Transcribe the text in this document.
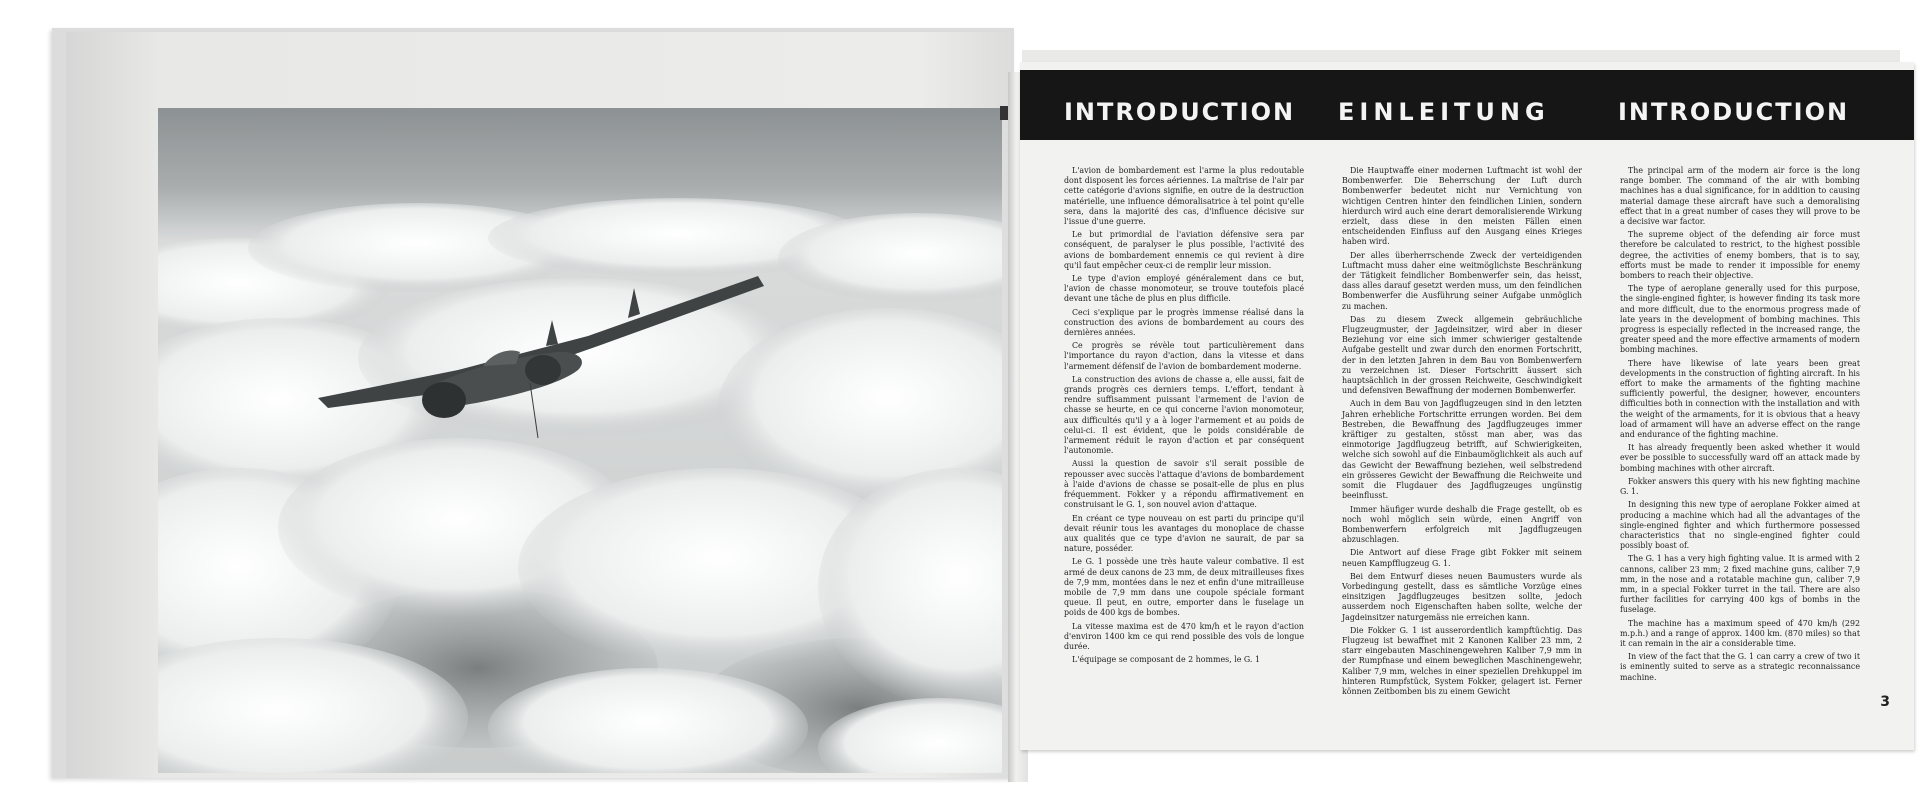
INTRODUCTION EINLEITUNG	INTRODUCTION

L'avion de bombardement est l'arme la plus redoutable dont disposent les forces aériennes. La maîtrise de l'air par cette catégorie d'avions signifie, en outre de la destruction matérielle, une influence démoralisatrice à tel point qu'elle sera, dans la majorité des cas, d'influence décisive sur l'issue d'une guerre.

Le but primordial de l'aviation défensive sera par conséquent, de paralyser le plus possible, l'activité des avions de bombardement ennemis ce qui revient à dire qu'il faut empêcher ceux-ci de remplir leur mission.

Le type d'avion employé généralement dans ce but, l'avion de chasse monomoteur, se trouve toutefois placé devant une tâche de plus en plus difficile.

Ceci s'explique par le progrès immense réalisé dans la construction des avions de bombardement au cours des dernières années.

Ce progrès se révèle tout particulièrement dans l'importance du rayon d'action, dans la vitesse et dans l'armement défensif de l'avion de bombardement moderne.

La construction des avions de chasse a, elle aussi, fait de grands progrès ces derniers temps. L'effort, tendant à rendre suffisamment puissant l'armement de l'avion de chasse se heurte, en ce qui concerne l'avion monomoteur, aux difficultés qu'il y a à loger l'armement et au poids de celui-ci. Il est évident, que le poids considérable de l'armement réduit le rayon d'action et par conséquent l'autonomie.

Aussi la question de savoir s'il serait possible de repousser avec succès l'attaque d'avions de bombardement à l'aide d'avions de chasse se posait-elle de plus en plus fréquemment. Fokker y a répondu affirmativement en construisant le G. 1, son nouvel avion d'attaque.

En créant ce type nouveau on est parti du principe qu'il devait réunir tous les avantages du monoplace de chasse aux qualités que ce type d'avion ne saurait, de par sa nature, posséder.

Le G. 1 possède une très haute valeur combative. Il est armé de deux canons de 23 mm, de deux mitrailleuses fixes de 7,9 mm, montées dans le nez et enfin d'une mitrailleuse mobile de 7,9 mm dans une coupole spéciale formant queue. Il peut, en outre, emporter dans le fuselage un poids de 400 kgs de bombes.

La vitesse maxima est de 470 km/h et le rayon d'action d'environ 1400 km ce qui rend possible des vols de longue durée.

L'équipage se composant de 2 hommes, le G. 1

Die Hauptwaffe einer modernen Luftmacht ist wohl der Bombenwerfer. Die Beherrschung der Luft durch Bombenwerfer bedeutet nicht nur Vernichtung von wichtigen Centren hinter den feindlichen Linien, sondern hierdurch wird auch eine derart demoralisierende Wirkung erzielt, dass diese in den meisten Fällen einen entscheidenden Einfluss auf den Ausgang eines Krieges haben wird.

Der alles überherrschende Zweck der verteidigenden Luftmacht muss daher eine weitmöglichste Beschränkung der Tätigkeit feindlicher Bombenwerfer sein, das heisst, dass alles darauf gesetzt werden muss, um den feindlichen Bombenwerfer die Ausführung seiner Aufgabe unmöglich zu machen.

Das zu diesem Zweck allgemein gebräuchliche Flugzeugmuster, der Jagdeinsitzer, wird aber in dieser Beziehung vor eine sich immer schwieriger gestaltende Aufgabe gestellt und zwar durch den enormen Fortschritt, der in den letzten Jahren in dem Bau von Bombenwerfern zu verzeichnen ist. Dieser Fortschritt äussert sich hauptsächlich in der grossen Reichweite, Geschwindigkeit und defensiven Bewaffnung der modernen Bombenwerfer.

Auch in dem Bau von Jagdflugzeugen sind in den letzten Jahren erhebliche Fortschritte errungen worden. Bei dem Bestreben, die Bewaffnung des Jagdflugzeuges immer kräftiger zu gestalten, stösst man aber, was das einmotorige Jagdflugzeug betrifft, auf Schwierigkeiten, welche sich sowohl auf die Einbaumöglichkeit als auch auf das Gewicht der Bewaffnung beziehen, weil selbstredend ein grösseres Gewicht der Bewaffnung die Reichweite und somit die Flugdauer des Jagdflugzeuges ungünstig beeinflusst.

Immer häufiger wurde deshalb die Frage gestellt, ob es noch wohl möglich sein würde, einen Angriff von Bombenwerfern erfolgreich mit Jagdflugzeugen abzuschlagen.

Die Antwort auf diese Frage gibt Fokker mit seinem neuen Kampfflugzeug G. 1.

Bei dem Entwurf dieses neuen Baumusters wurde als Vorbedingung gestellt, dass es sämtliche Vorzüge eines einsitzigen Jagdflugzeuges besitzen sollte, jedoch ausserdem noch Eigenschaften haben sollte, welche der Jagdeinsitzer naturgemäss nie erreichen kann.

Die Fokker G. 1 ist ausserordentlich kampftüchtig. Das Flugzeug ist bewaffnet mit 2 Kanonen Kaliber 23 mm, 2 starr eingebauten Maschinengewehren Kaliber 7,9 mm in der Rumpfnase und einem beweglichen Maschinengewehr, Kaliber 7,9 mm, welches in einer speziellen Drehkuppel im hinteren Rumpfstück, System Fokker, gelagert ist. Ferner können Zeitbomben bis zu einem Gewicht

The principal arm of the modern air force is the long range bomber. The command of the air with bombing machines has a dual significance, for in addition to causing material damage these aircraft have such a demoralising effect that in a great number of cases they will prove to be a decisive war factor.

The supreme object of the defending air force must therefore be calculated to restrict, to the highest possible degree, the activities of enemy bombers, that is to say, efforts must be made to render it impossible for enemy bombers to reach their objective.

The type of aeroplane generally used for this purpose, the single-engined fighter, is however finding its task more and more difficult, due to the enormous progress made of late years in the development of bombing machines. This progress is especially reflected in the increased range, the greater speed and the more effective armaments of modern bombing machines.

There have likewise of late years been great developments in the construction of fighting aircraft. In his effort to make the armaments of the fighting machine sufficiently powerful, the designer, however, encounters difficulties both in connection with the installation and with the weight of the armaments, for it is obvious that a heavy load of armament will have an adverse effect on the range and endurance of the fighting machine.

It has already frequently been asked whether it would ever be possible to successfully ward off an attack made by bombing machines with other aircraft.

Fokker answers this query with his new fighting machine G. 1.

In designing this new type of aeroplane Fokker aimed at producing a machine which had all the advantages of the single-engined fighter and which furthermore possessed characteristics that no single-engined fighter could possibly boast of.

The G. 1 has a very high fighting value. It is armed with 2 cannons, caliber 23 mm; 2 fixed machine guns, caliber 7,9 mm, in the nose and a rotatable machine gun, caliber 7,9 mm, in a special Fokker turret in the tail. There are also further facilities for carrying 400 kgs of bombs in the fuselage.

The machine has a maximum speed of 470 km/h (292 m.p.h.) and a range of approx. 1400 km. (870 miles) so that it can remain in the air a considerable time.

In view of the fact that the G. 1 can carry a crew of two it is eminently suited to serve as a strategic reconnaissance machine.

3
